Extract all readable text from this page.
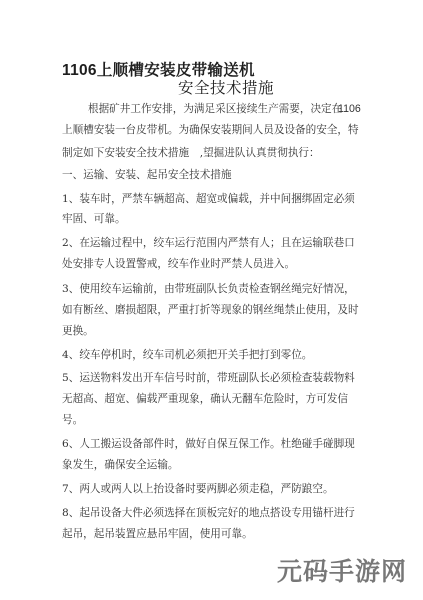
1106上顺槽安装皮带输送机
安全技术措施
根据矿井工作安排，为满足采区接续生产需要，决定在
1106
上顺槽安装一台皮带机。为确保安装期间人员及设备的安全，特
制定如下安装安全技术措施　,望掘进队认真贯彻执行：
一、运输、安装、起吊安全技术措施
1、装车时，严禁车辆超高、超宽或偏载，并中间捆绑固定必须
牢固、可靠。
2、在运输过程中，绞车运行范围内严禁有人；且在运输联巷口
处安排专人设置警戒，绞车作业时严禁人员进入。
3、使用绞车运输前，由带班副队长负责检查钢丝绳完好情况，
如有断丝、磨损超限，严重打折等现象的钢丝绳禁止使用，及时
更换。
4、绞车停机时，绞车司机必须把开关手把打到零位。
5、运送物料发出开车信号时前，带班副队长必须检查装载物料
无超高、超宽、偏载严重现象，确认无翻车危险时，方可发信
号。
6、人工搬运设备部件时，做好自保互保工作。杜绝碰手碰脚现
象发生，确保安全运输。
7、两人或两人以上抬设备时要两脚必须走稳，严防踉空。
8、起吊设备大件必须选择在顶板完好的地点搭设专用锚杆进行
起吊，起吊装置应悬吊牢固，使用可靠。
元码手游网
